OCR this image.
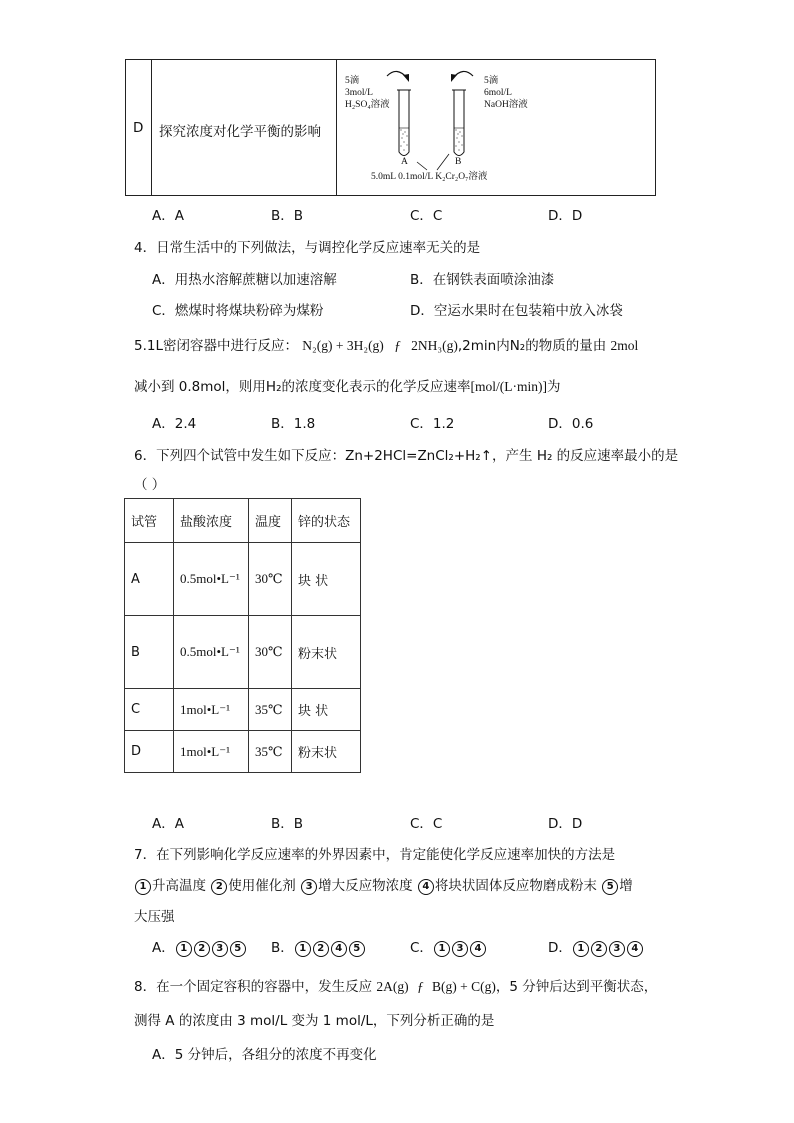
D 探究浓度对化学平衡的影响
5滴
3mol/L
H₂SO₄溶液
5滴
6mol/L
NaOH溶液
A	B
5.0mL 0.1mol/L K₂Cr₂O₇溶液
A．A	B．B	C．C	D．D
4．日常生活中的下列做法，与调控化学反应速率无关的是
A．用热水溶解蔗糖以加速溶解	B．在钢铁表面喷涂油漆
C．燃煤时将煤块粉碎为煤粉	D．空运水果时在包装箱中放入冰袋
5.1L密闭容器中进行反应： N₂(g) + 3H₂(g) ƒ 2NH₃(g),2min内N₂的物质的量由 2mol
减小到 0.8mol，则用H₂的浓度变化表示的化学反应速率[mol/(L·min)]为
A．2.4	B．1.8	C．1.2	D．0.6
6．下列四个试管中发生如下反应：Zn+2HCl=ZnCl₂+H₂↑，产生 H₂ 的反应速率最小的是
（ ）
试管	盐酸浓度	温度	锌的状态
A	0.5mol•L⁻¹	30℃	块 状
B	0.5mol•L⁻¹	30℃	粉末状
C	1mol•L⁻¹	35℃	块 状
D	1mol•L⁻¹	35℃	粉末状
A．A	B．B	C．C	D．D
7．在下列影响化学反应速率的外界因素中，肯定能使化学反应速率加快的方法是
1 升高温度 2 使用催化剂 3 增大反应物浓度 4 将块状固体反应物磨成粉末 5 增
大压强
A． 1 2 3 5	B． 1 2 4 5	C． 1 3 4	D． 1 2 3 4
8．在一个固定容积的容器中，发生反应 2A(g) ƒ B(g) + C(g)，5 分钟后达到平衡状态，
测得 A 的浓度由 3 mol/L 变为 1 mol/L，下列分析正确的是
A．5 分钟后，各组分的浓度不再变化
